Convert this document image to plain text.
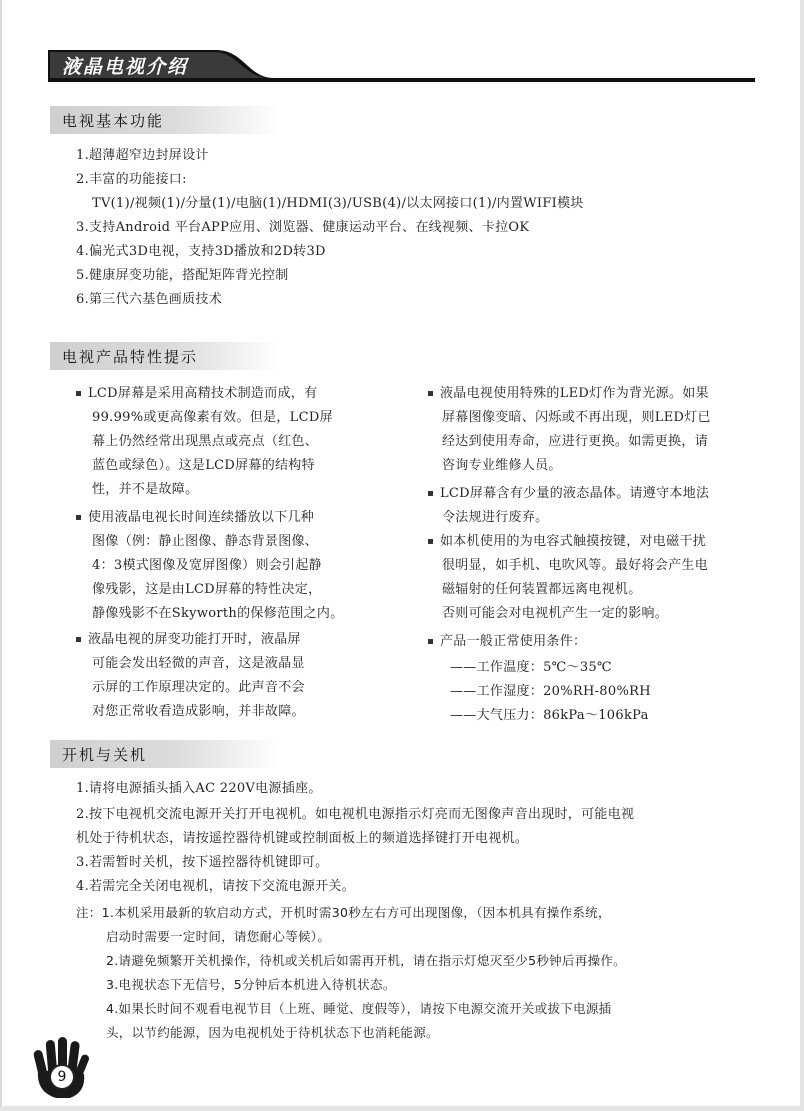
液晶电视介绍
电视基本功能
1.超薄超窄边封屏设计
2.丰富的功能接口:
TV(1)/视频(1)/分量(1)/电脑(1)/HDMI(3)/USB(4)/以太网接口(1)/内置WIFI模块
3.支持Android 平台APP应用、浏览器、健康运动平台、在线视频、卡拉OK
4.偏光式3D电视，支持3D播放和2D转3D
5.健康屏变功能，搭配矩阵背光控制
6.第三代六基色画质技术
电视产品特性提示
LCD屏幕是采用高精技术制造而成，有
99.99%或更高像素有效。但是，LCD屏
幕上仍然经常出现黑点或亮点（红色、
蓝色或绿色）。这是LCD屏幕的结构特
性，并不是故障。
使用液晶电视长时间连续播放以下几种
图像（例：静止图像、静态背景图像、
4：3模式图像及宽屏图像）则会引起静
像残影，这是由LCD屏幕的特性决定，
静像残影不在Skyworth的保修范围之内。
液晶电视的屏变功能打开时，液晶屏
可能会发出轻微的声音，这是液晶显
示屏的工作原理决定的。此声音不会
对您正常收看造成影响，并非故障。
液晶电视使用特殊的LED灯作为背光源。如果
屏幕图像变暗、闪烁或不再出现，则LED灯已
经达到使用寿命，应进行更换。如需更换，请
咨询专业维修人员。
LCD屏幕含有少量的液态晶体。请遵守本地法
令法规进行废弃。
如本机使用的为电容式触摸按键，对电磁干扰
很明显，如手机、电吹风等。最好将会产生电
磁辐射的任何装置都远离电视机。
否则可能会对电视机产生一定的影响。
产品一般正常使用条件：
——工作温度：5℃～35℃
——工作湿度：20%RH-80%RH
——大气压力：86kPa～106kPa
开机与关机
1.请将电源插头插入AC 220V电源插座。
2.按下电视机交流电源开关打开电视机。如电视机电源指示灯亮而无图像声音出现时，可能电视
机处于待机状态，请按遥控器待机键或控制面板上的频道选择键打开电视机。
3.若需暂时关机，按下遥控器待机键即可。
4.若需完全关闭电视机，请按下交流电源开关。
注：1.本机采用最新的软启动方式，开机时需30秒左右方可出现图像，（因本机具有操作系统，
启动时需要一定时间，请您耐心等候）。
2.请避免频繁开关机操作，待机或关机后如需再开机，请在指示灯熄灭至少5秒钟后再操作。
3.电视状态下无信号，5分钟后本机进入待机状态。
4.如果长时间不观看电视节目（上班、睡觉、度假等），请按下电源交流开关或拔下电源插
头，以节约能源，因为电视机处于待机状态下也消耗能源。
9
